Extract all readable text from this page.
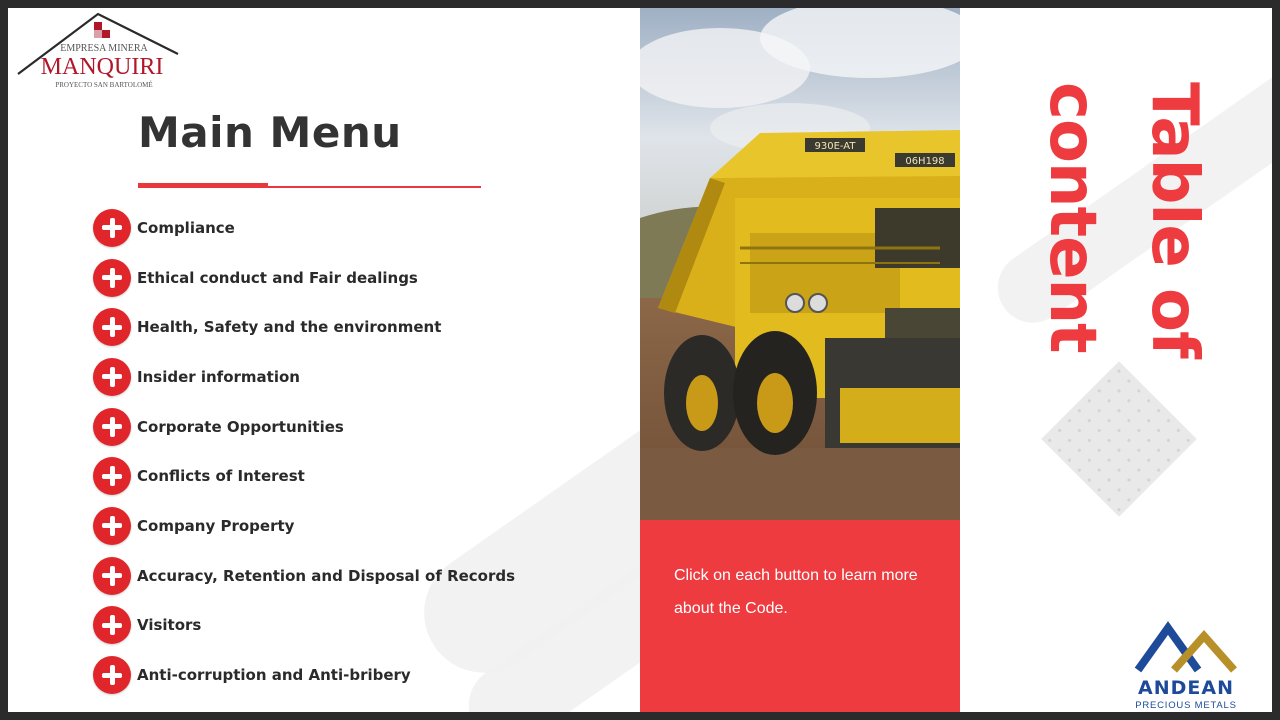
EMPRESA MINERA
MANQUIRI
PROYECTO SAN BARTOLOMÉ
Main Menu
Compliance
Ethical conduct and Fair dealings
Health, Safety and the environment
Insider information
Corporate Opportunities
Conflicts of Interest
Company Property
Accuracy, Retention and Disposal of Records
Visitors
Anti-corruption and Anti-bribery
930E-AT
06H198

Click on each button to learn more about the Code.

Table of
content
ANDEAN
PRECIOUS METALS
